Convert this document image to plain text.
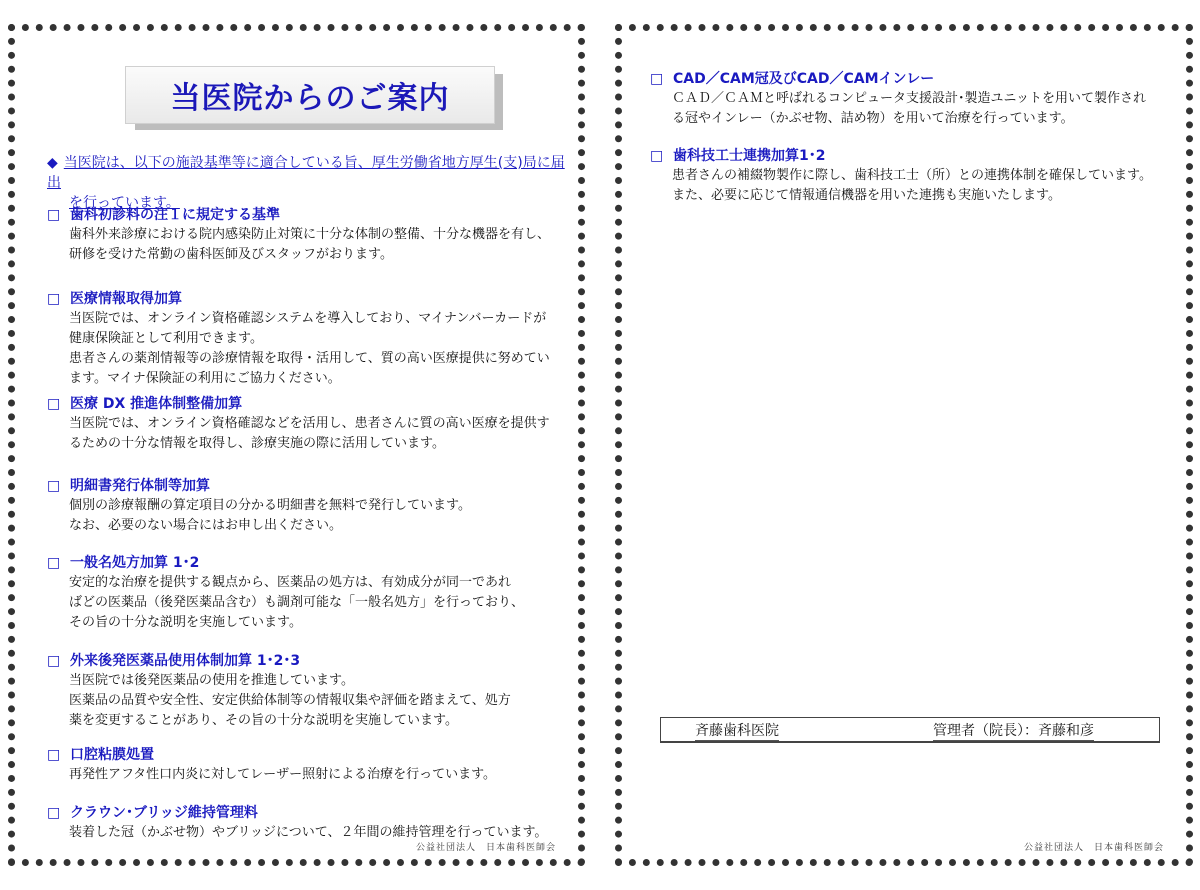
当医院からのご案内
◆ 当医院は、以下の施設基準等に適合している旨、厚生労働省地方厚生(支)局に届出
を行っています。
□ 歯科初診料の注１に規定する基準
歯科外来診療における院内感染防止対策に十分な体制の整備、十分な機器を有し、
研修を受けた常勤の歯科医師及びスタッフがおります。
□ 医療情報取得加算
当医院では、オンライン資格確認システムを導入しており、マイナンバーカードが
健康保険証として利用できます。
患者さんの薬剤情報等の診療情報を取得・活用して、質の高い医療提供に努めてい
ます。マイナ保険証の利用にご協力ください。
□ 医療 DX 推進体制整備加算
当医院では、オンライン資格確認などを活用し、患者さんに質の高い医療を提供す
るための十分な情報を取得し、診療実施の際に活用しています。
□ 明細書発行体制等加算
個別の診療報酬の算定項目の分かる明細書を無料で発行しています。
なお、必要のない場合にはお申し出ください。
□ 一般名処方加算 1･2
安定的な治療を提供する観点から、医薬品の処方は、有効成分が同一であれ
ばどの医薬品（後発医薬品含む）も調剤可能な「一般名処方」を行っており、
その旨の十分な説明を実施しています。
□ 外来後発医薬品使用体制加算 1･2･3
当医院では後発医薬品の使用を推進しています。
医薬品の品質や安全性、安定供給体制等の情報収集や評価を踏まえて、処方
薬を変更することがあり、その旨の十分な説明を実施しています。
□ 口腔粘膜処置
再発性アフタ性口内炎に対してレーザー照射による治療を行っています。
□ クラウン･ブリッジ維持管理料
装着した冠（かぶせ物）やブリッジについて、２年間の維持管理を行っています。
公益社団法人　日本歯科医師会
□ CAD／CAM冠及びCAD／CAMインレー
ＣＡＤ／ＣＡＭと呼ばれるコンピュータ支援設計･製造ユニットを用いて製作され
る冠やインレー（かぶせ物、詰め物）を用いて治療を行っています。
□ 歯科技工士連携加算1･2
患者さんの補綴物製作に際し、歯科技工士（所）との連携体制を確保しています。
また、必要に応じて情報通信機器を用いた連携も実施いたします。
斉藤歯科医院	管理者（院長）：斉藤和彦
公益社団法人　日本歯科医師会
